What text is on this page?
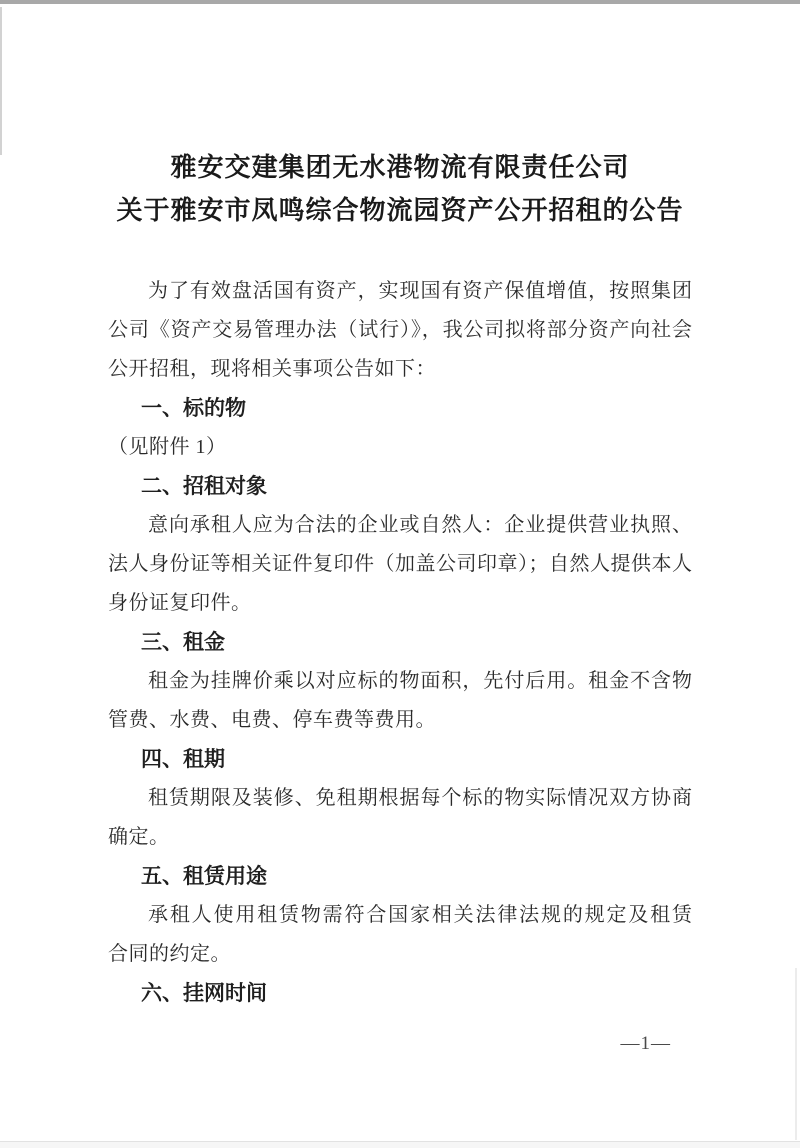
雅安交建集团无水港物流有限责任公司
关于雅安市凤鸣综合物流园资产公开招租的公告
为了有效盘活国有资产，实现国有资产保值增值，按照集团
公司《资产交易管理办法（试行）》，我公司拟将部分资产向社会
公开招租，现将相关事项公告如下：
一、标的物
（见附件 1）
二、招租对象
意向承租人应为合法的企业或自然人：企业提供营业执照、
法人身份证等相关证件复印件（加盖公司印章）；自然人提供本人
身份证复印件。
三、租金
租金为挂牌价乘以对应标的物面积，先付后用。租金不含物
管费、水费、电费、停车费等费用。
四、租期
租赁期限及装修、免租期根据每个标的物实际情况双方协商
确定。
五、租赁用途
承租人使用租赁物需符合国家相关法律法规的规定及租赁
合同的约定。
六、挂网时间
—1—
